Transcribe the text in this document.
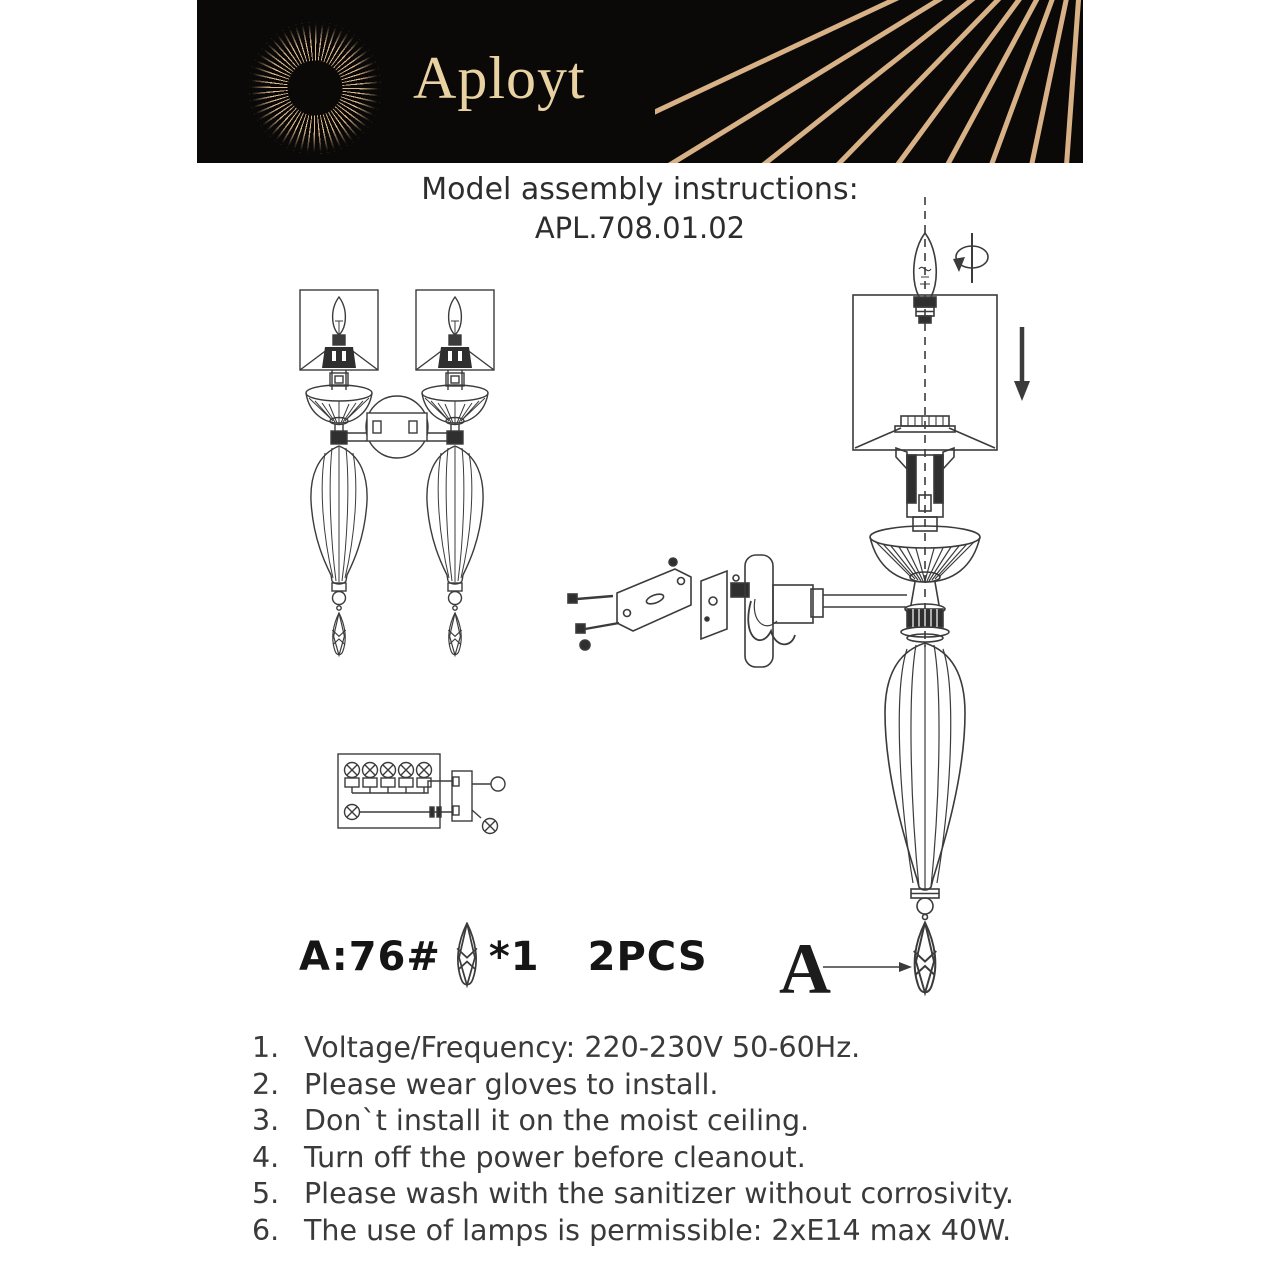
Aployt
Model assembly instructions:
APL.708.01.02
A
A:76# *1 2PCS
1. Voltage/Frequency: 220-230V 50-60Hz.
2. Please wear gloves to install.
3. Don`t install it on the moist ceiling.
4. Turn off the power before cleanout.
5. Please wash with the sanitizer without corrosivity.
6. The use of lamps is permissible: 2xE14 max 40W.
